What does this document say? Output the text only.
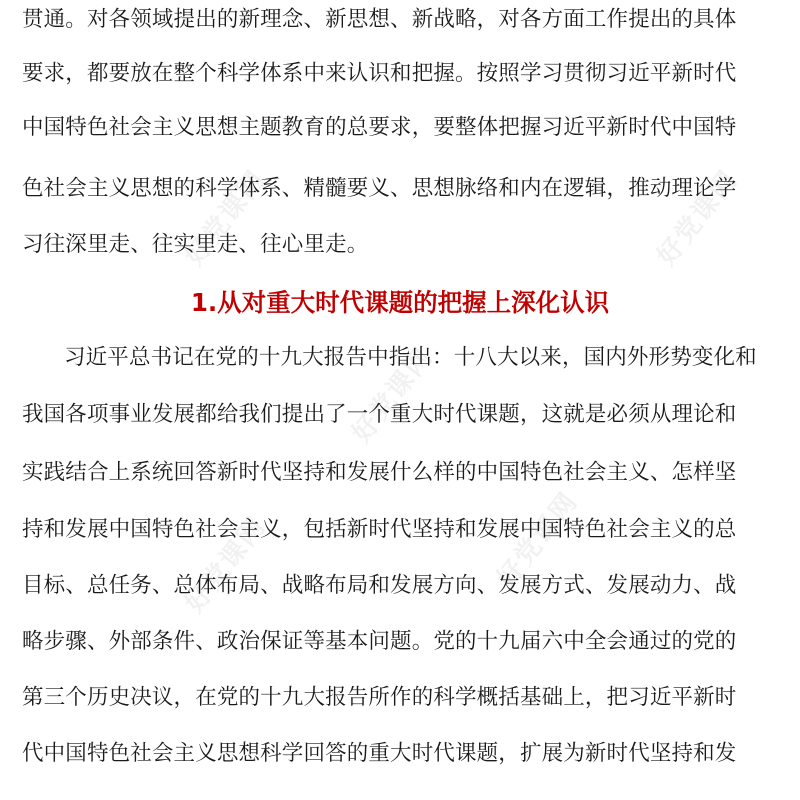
好党课网	好党课网
好党课网
好党课网	好党课网
贯通。对各领域提出的新理念、新思想、新战略，对各方面工作提出的具体
要求，都要放在整个科学体系中来认识和把握。按照学习贯彻习近平新时代
中国特色社会主义思想主题教育的总要求，要整体把握习近平新时代中国特
色社会主义思想的科学体系、精髓要义、思想脉络和内在逻辑，推动理论学
习往深里走、往实里走、往心里走。
1.从对重大时代课题的把握上深化认识
习近平总书记在党的十九大报告中指出：十八大以来，国内外形势变化和
我国各项事业发展都给我们提出了一个重大时代课题，这就是必须从理论和
实践结合上系统回答新时代坚持和发展什么样的中国特色社会主义、怎样坚
持和发展中国特色社会主义，包括新时代坚持和发展中国特色社会主义的总
目标、总任务、总体布局、战略布局和发展方向、发展方式、发展动力、战
略步骤、外部条件、政治保证等基本问题。党的十九届六中全会通过的党的
第三个历史决议，在党的十九大报告所作的科学概括基础上，把习近平新时
代中国特色社会主义思想科学回答的重大时代课题，扩展为新时代坚持和发
